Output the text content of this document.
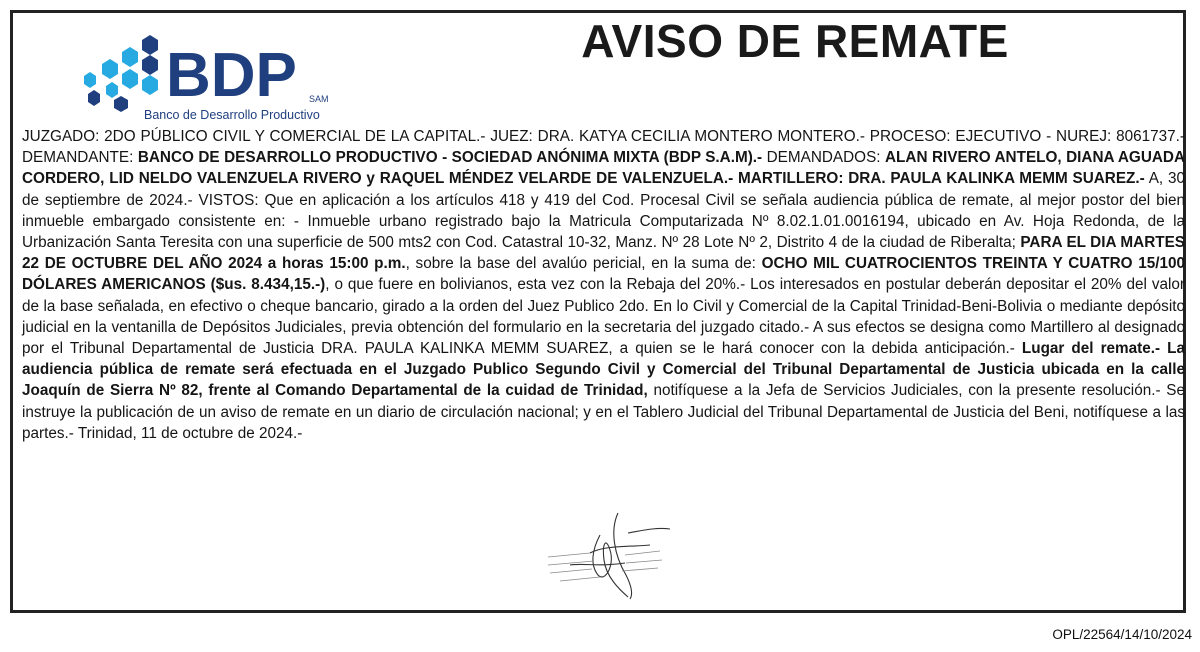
BDP SAM
Banco de Desarrollo Productivo
AVISO DE REMATE
JUZGADO: 2DO PÚBLICO CIVIL Y COMERCIAL DE LA CAPITAL.- JUEZ: DRA. KATYA CECILIA MONTERO MONTERO.- PROCESO: EJECUTIVO - NUREJ: 8061737.- DEMANDANTE: BANCO DE DESARROLLO PRODUCTIVO - SOCIEDAD ANÓNIMA MIXTA (BDP S.A.M).- DEMANDADOS: ALAN RIVERO ANTELO, DIANA AGUADA CORDERO, LID NELDO VALENZUELA RIVERO y RAQUEL MÉNDEZ VELARDE DE VALENZUELA.- MARTILLERO: DRA. PAULA KALINKA MEMM SUAREZ.- A, 30 de septiembre de 2024.- VISTOS: Que en aplicación a los artículos 418 y 419 del Cod. Procesal Civil se señala audiencia pública de remate, al mejor postor del bien inmueble embargado consistente en: - Inmueble urbano registrado bajo la Matricula Computarizada Nº 8.02.1.01.0016194, ubicado en Av. Hoja Redonda, de la Urbanización Santa Teresita con una superficie de 500 mts2 con Cod. Catastral 10-32, Manz. Nº 28 Lote Nº 2, Distrito 4 de la ciudad de Riberalta; PARA EL DIA MARTES 22 DE OCTUBRE DEL AÑO 2024 a horas 15:00 p.m., sobre la base del avalúo pericial, en la suma de: OCHO MIL CUATROCIENTOS TREINTA Y CUATRO 15/100 DÓLARES AMERICANOS ($us. 8.434,15.-), o que fuere en bolivianos, esta vez con la Rebaja del 20%.- Los interesados en postular deberán depositar el 20% del valor de la base señalada, en efectivo o cheque bancario, girado a la orden del Juez Publico 2do. En lo Civil y Comercial de la Capital Trinidad-Beni-Bolivia o mediante depósito judicial en la ventanilla de Depósitos Judiciales, previa obtención del formulario en la secretaria del juzgado citado.- A sus efectos se designa como Martillero al designado por el Tribunal Departamental de Justicia DRA. PAULA KALINKA MEMM SUAREZ, a quien se le hará conocer con la debida anticipación.- Lugar del remate.- La audiencia pública de remate será efectuada en el Juzgado Publico Segundo Civil y Comercial del Tribunal Departamental de Justicia ubicada en la calle Joaquín de Sierra Nº 82, frente al Comando Departamental de la cuidad de Trinidad, notifíquese a la Jefa de Servicios Judiciales, con la presente resolución.- Se instruye la publicación de un aviso de remate en un diario de circulación nacional; y en el Tablero Judicial del Tribunal Departamental de Justicia del Beni, notifíquese a las partes.- Trinidad, 11 de octubre de 2024.-
OPL/22564/14/10/2024
